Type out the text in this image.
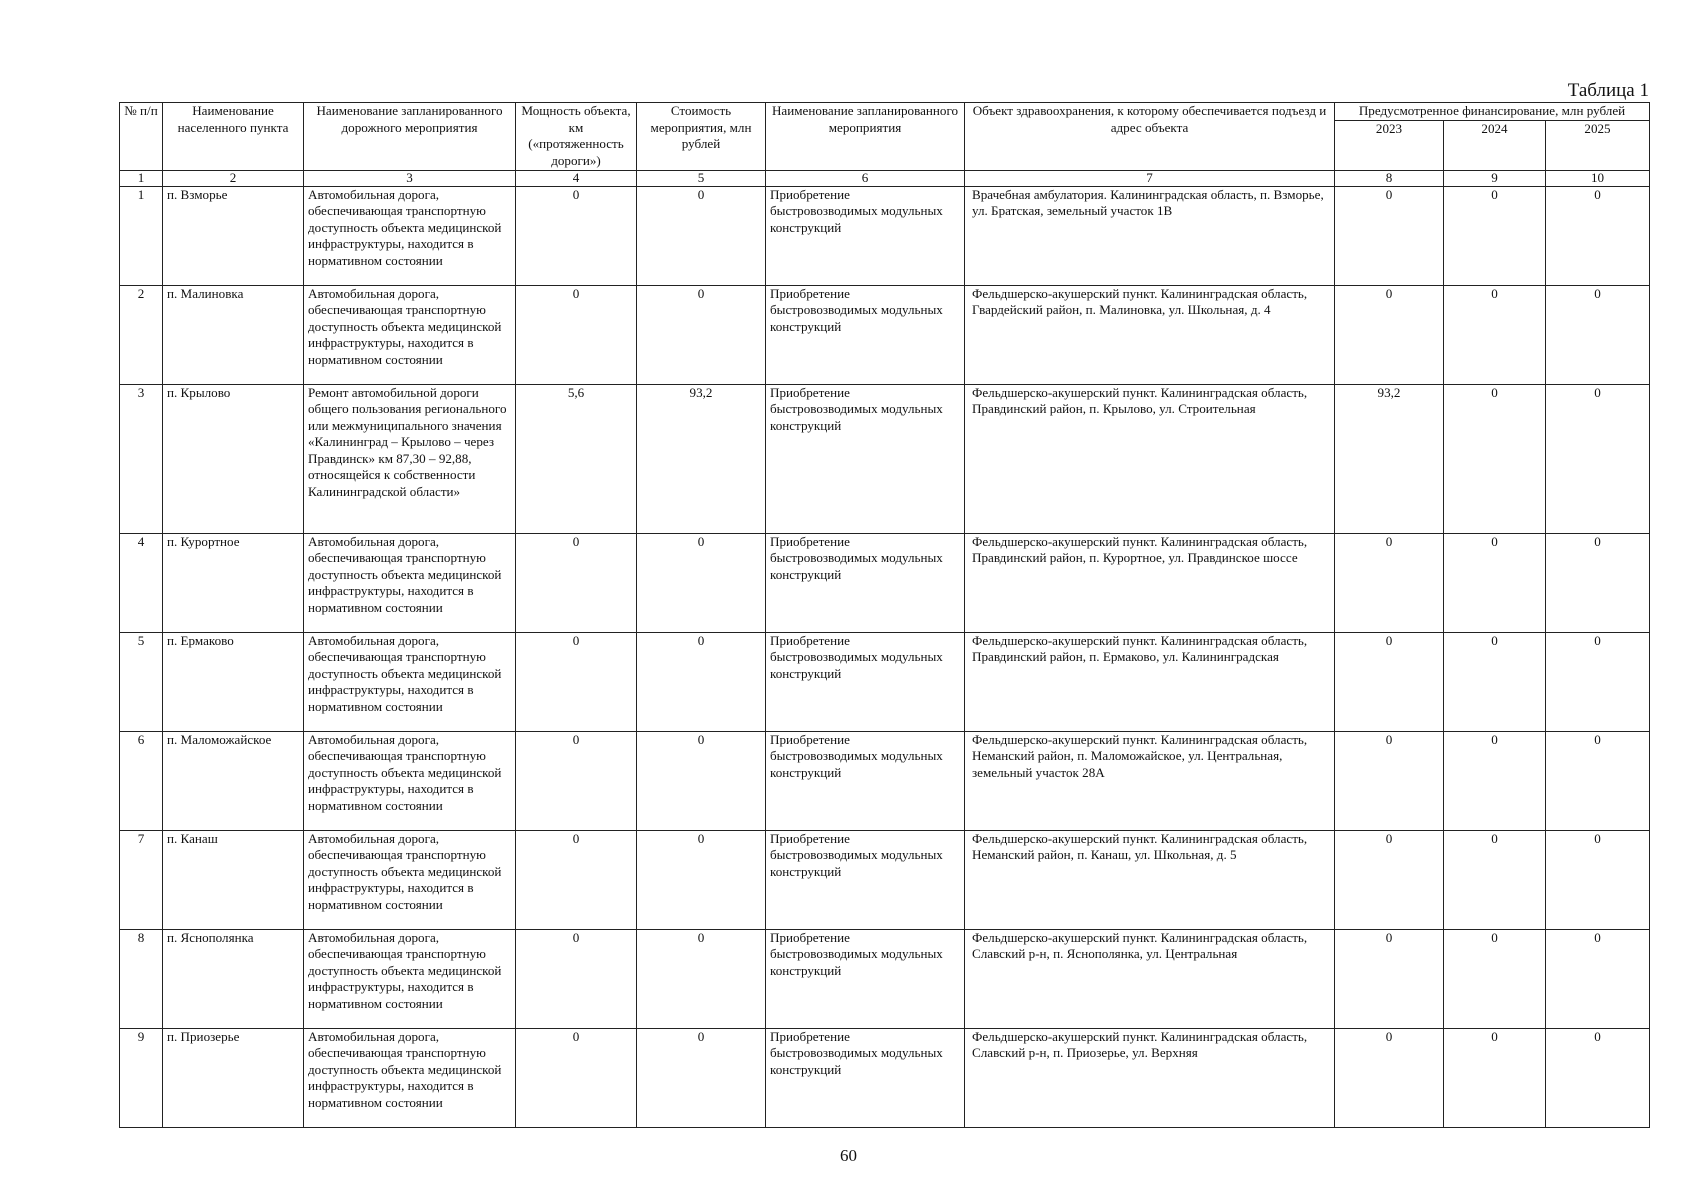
Таблица 1
№ п/п	Наименование населенного пункта	Наименование запланированного дорожного мероприятия	Мощность объекта, км («протяженность дороги»)	Стоимость мероприятия, млн рублей	Наименование запланированного мероприятия	Объект здравоохранения, к которому обеспечивается подъезд и адрес объекта	Предусмотренное финансирование, млн рублей		
							2023	2024	2025
1	2	3	4	5	6	7	8	9	10
1	п. Взморье	Автомобильная дорога, обеспечивающая транспортную доступность объекта медицинской инфраструктуры, находится в нормативном состоянии	0	0	Приобретение быстровозводимых модульных конструкций	Врачебная амбулатория. Калининградская область, п. Взморье, ул. Братская, земельный участок 1В	0	0	0
2	п. Малиновка	Автомобильная дорога, обеспечивающая транспортную доступность объекта медицинской инфраструктуры, находится в нормативном состоянии	0	0	Приобретение быстровозводимых модульных конструкций	Фельдшерско-акушерский пункт. Калининградская область, Гвардейский район, п. Малиновка, ул. Школьная, д. 4	0	0	0
3	п. Крылово	Ремонт автомобильной дороги общего пользования регионального или межмуниципального значения «Калининград – Крылово – через Правдинск» км 87,30 – 92,88, относящейся к собственности Калининградской области»	5,6	93,2	Приобретение быстровозводимых модульных конструкций	Фельдшерско-акушерский пункт. Калининградская область, Правдинский район, п. Крылово, ул. Строительная	93,2	0	0
4	п. Курортное	Автомобильная дорога, обеспечивающая транспортную доступность объекта медицинской инфраструктуры, находится в нормативном состоянии	0	0	Приобретение быстровозводимых модульных конструкций	Фельдшерско-акушерский пункт. Калининградская область, Правдинский район, п. Курортное, ул. Правдинское шоссе	0	0	0
5	п. Ермаково	Автомобильная дорога, обеспечивающая транспортную доступность объекта медицинской инфраструктуры, находится в нормативном состоянии	0	0	Приобретение быстровозводимых модульных конструкций	Фельдшерско-акушерский пункт. Калининградская область, Правдинский район, п. Ермаково, ул. Калининградская	0	0	0
6	п. Маломожайское	Автомобильная дорога, обеспечивающая транспортную доступность объекта медицинской инфраструктуры, находится в нормативном состоянии	0	0	Приобретение быстровозводимых модульных конструкций	Фельдшерско-акушерский пункт. Калининградская область, Неманский район, п. Маломожайское, ул. Центральная, земельный участок 28А	0	0	0
7	п. Канаш	Автомобильная дорога, обеспечивающая транспортную доступность объекта медицинской инфраструктуры, находится в нормативном состоянии	0	0	Приобретение быстровозводимых модульных конструкций	Фельдшерско-акушерский пункт. Калининградская область, Неманский район, п. Канаш, ул. Школьная, д. 5	0	0	0
8	п. Яснополянка	Автомобильная дорога, обеспечивающая транспортную доступность объекта медицинской инфраструктуры, находится в нормативном состоянии	0	0	Приобретение быстровозводимых модульных конструкций	Фельдшерско-акушерский пункт. Калининградская область, Славский р-н, п. Яснополянка, ул. Центральная	0	0	0
9	п. Приозерье	Автомобильная дорога, обеспечивающая транспортную доступность объекта медицинской инфраструктуры, находится в нормативном состоянии	0	0	Приобретение быстровозводимых модульных конструкций	Фельдшерско-акушерский пункт. Калининградская область, Славский р-н, п. Приозерье, ул. Верхняя	0	0	0
60
